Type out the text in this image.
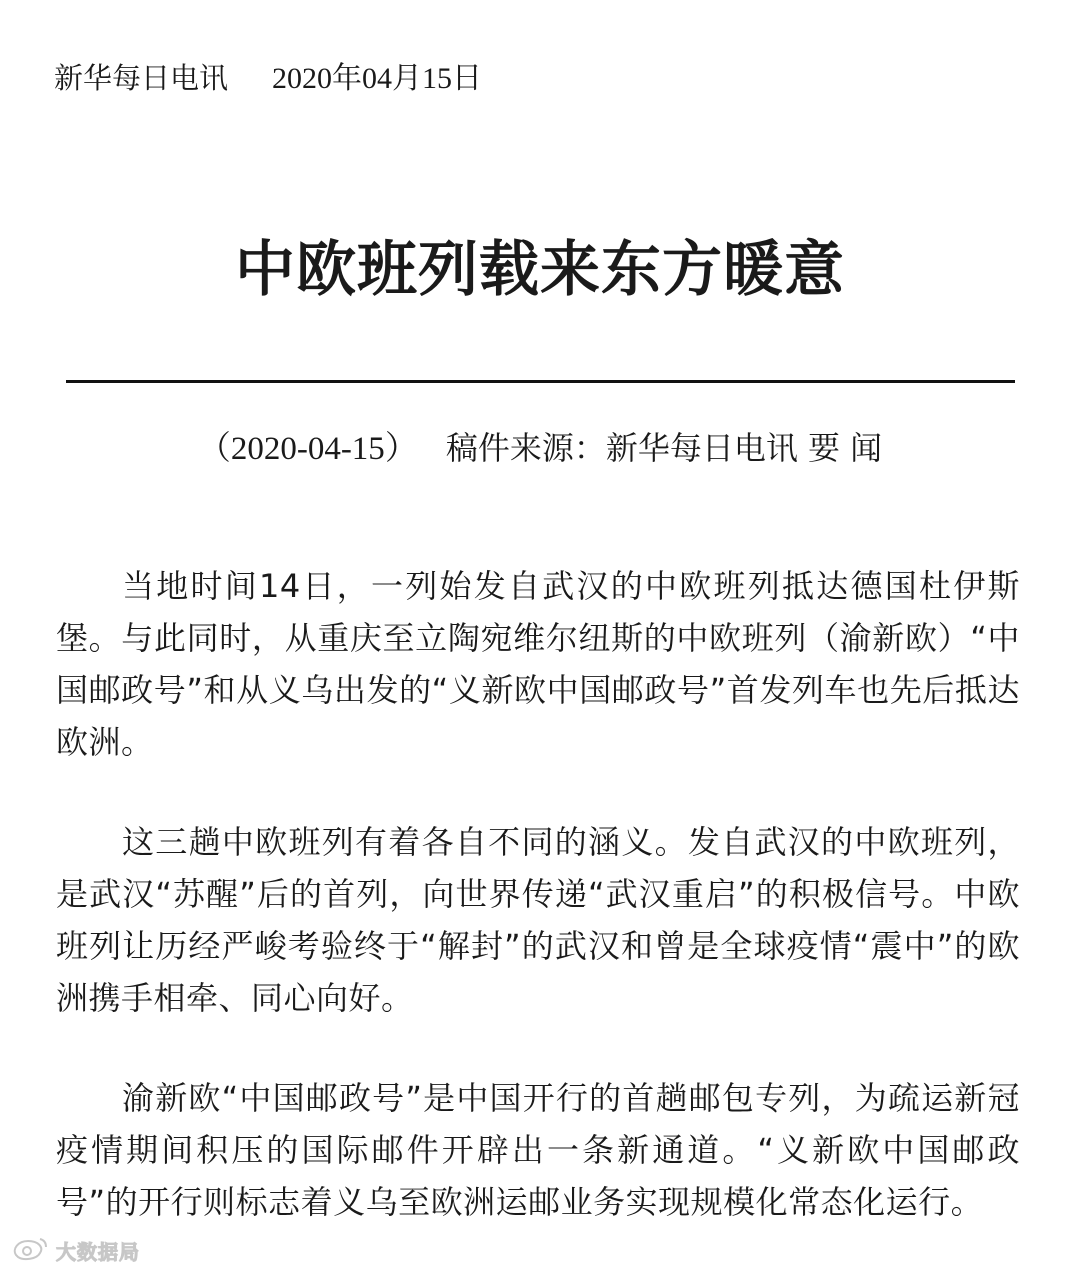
新华每日电讯 2020年04月15日
中欧班列载来东方暖意
（2020-04-15） 稿件来源：新华每日电讯 要 闻

当地时间14日，一列始发自武汉的中欧班列抵达德国杜伊斯堡。与此同时，从重庆至立陶宛维尔纽斯的中欧班列（渝新欧）“中国邮政号”和从义乌出发的“义新欧中国邮政号”首发列车也先后抵达欧洲。

这三趟中欧班列有着各自不同的涵义。发自武汉的中欧班列，是武汉“苏醒”后的首列，向世界传递“武汉重启”的积极信号。中欧班列让历经严峻考验终于“解封”的武汉和曾是全球疫情“震中”的欧洲携手相牵、同心向好。

渝新欧“中国邮政号”是中国开行的首趟邮包专列，为疏运新冠疫情期间积压的国际邮件开辟出一条新通道。“义新欧中国邮政号”的开行则标志着义乌至欧洲运邮业务实现规模化常态化运行。

大数据局
